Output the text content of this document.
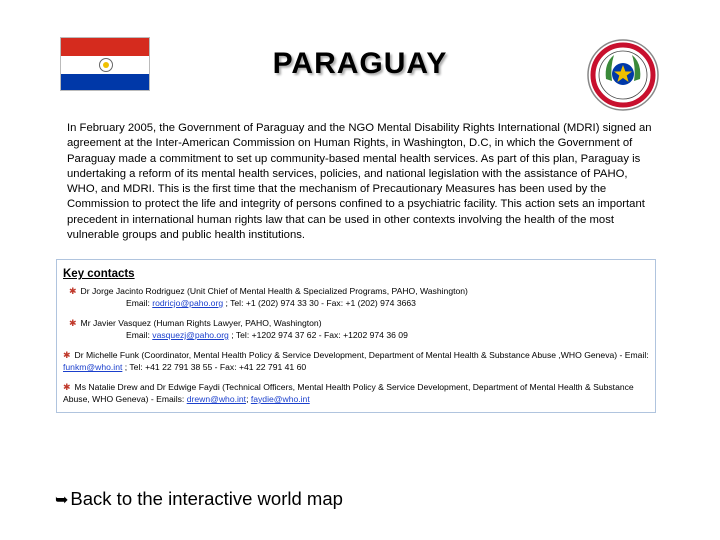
PARAGUAY

In February 2005, the Government of Paraguay and the NGO Mental Disability Rights International (MDRI) signed an agreement at the Inter-American Commission on Human Rights, in Washington, D.C, in which the Government of Paraguay made a commitment to set up community-based mental health services. As part of this plan, Paraguay is undertaking a reform of its mental health services, policies, and national legislation with the assistance of PAHO, WHO, and MDRI. This is the first time that the mechanism of Precautionary Measures has been used by the Commission to protect the life and integrity of persons confined to a psychiatric facility. This action sets an important precedent in international human rights law that can be used in other contexts involving the health of the most vulnerable groups and public health institutions.

Key contacts
✱ Dr Jorge Jacinto Rodriguez (Unit Chief of Mental Health & Specialized Programs, PAHO, Washington)
Email: rodricjo@paho.org ; Tel: +1 (202) 974 33 30 - Fax: +1 (202) 974 3663
✱ Mr Javier Vasquez (Human Rights Lawyer, PAHO, Washington)
Email: vasquezj@paho.org ; Tel: +1202 974 37 62 - Fax: +1202 974 36 09
✱ Dr Michelle Funk (Coordinator, Mental Health Policy & Service Development, Department of Mental Health & Substance Abuse ,WHO Geneva) - Email: funkm@who.int ; Tel: +41 22 791 38 55 - Fax: +41 22 791 41 60
✱ Ms Natalie Drew and Dr Edwige Faydi (Technical Officers, Mental Health Policy & Service Development, Department of Mental Health & Substance Abuse, WHO Geneva) - Emails: drewn@who.int; faydie@who.int
➥ Back to the interactive world map
